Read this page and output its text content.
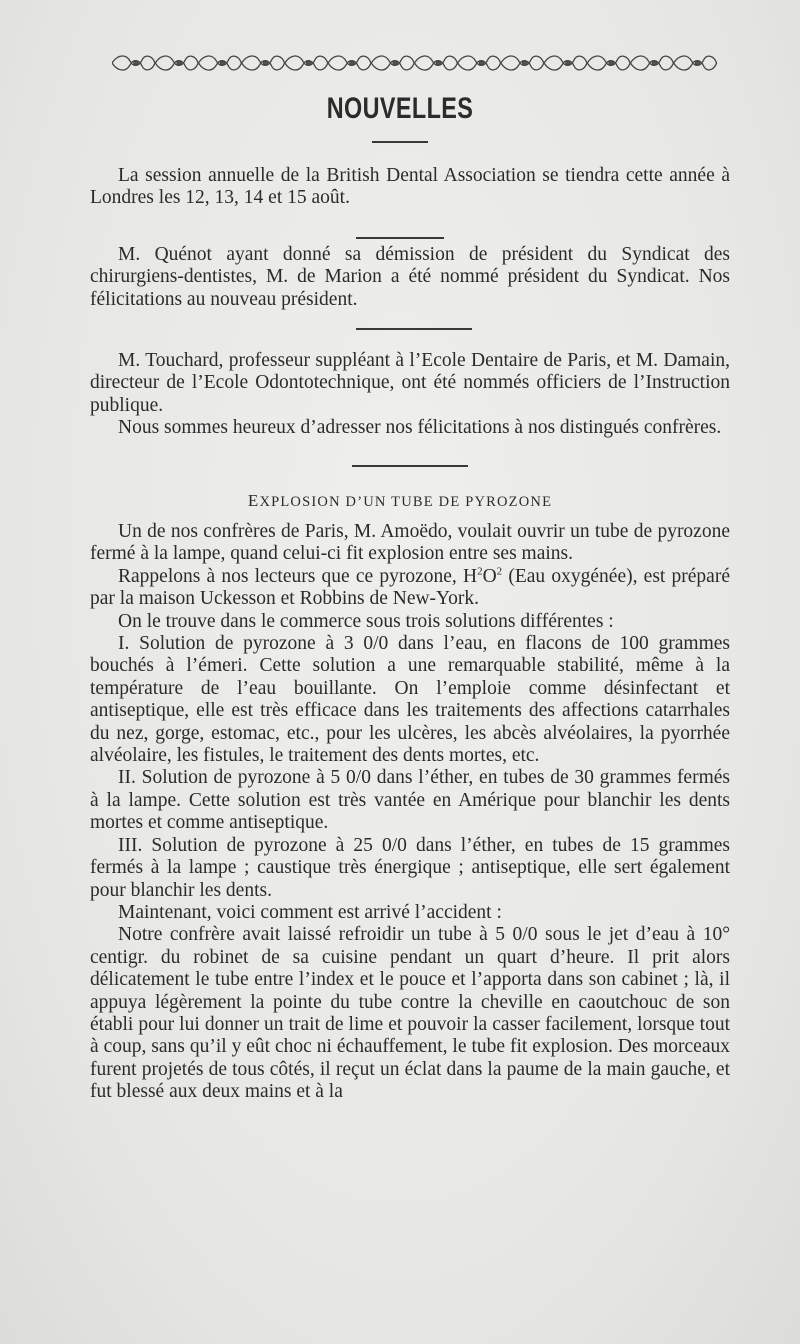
NOUVELLES

La session annuelle de la British Dental Association se tiendra cette année à Londres les 12, 13, 14 et 15 août.

M. Quénot ayant donné sa démission de président du Syndicat des chirurgiens-dentistes, M. de Marion a été nommé président du Syndicat. Nos félicitations au nouveau président.

M. Touchard, professeur suppléant à l’Ecole Dentaire de Paris, et M. Damain, directeur de l’Ecole Odontotechnique, ont été nommés officiers de l’Instruction publique.

Nous sommes heureux d’adresser nos félicitations à nos distingués confrères.

EXPLOSION D’UN TUBE DE PYROZONE

Un de nos confrères de Paris, M. Amoëdo, voulait ouvrir un tube de pyrozone fermé à la lampe, quand celui-ci fit explosion entre ses mains.

Rappelons à nos lecteurs que ce pyrozone, $H^2O^2$ (Eau oxygénée), est préparé par la maison Uckesson et Robbins de New-York.

On le trouve dans le commerce sous trois solutions différentes :

I. Solution de pyrozone à 3 0/0 dans l’eau, en flacons de 100 grammes bouchés à l’émeri. Cette solution a une remarquable stabilité, même à la température de l’eau bouillante. On l’emploie comme désinfectant et antiseptique, elle est très efficace dans les traitements des affections catarrhales du nez, gorge, estomac, etc., pour les ulcères, les abcès alvéolaires, la pyorrhée alvéolaire, les fistules, le traitement des dents mortes, etc.

II. Solution de pyrozone à 5 0/0 dans l’éther, en tubes de 30 grammes fermés à la lampe. Cette solution est très vantée en Amérique pour blanchir les dents mortes et comme antiseptique.

III. Solution de pyrozone à 25 0/0 dans l’éther, en tubes de 15 grammes fermés à la lampe ; caustique très énergique ; antiseptique, elle sert également pour blanchir les dents.

Maintenant, voici comment est arrivé l’accident :

Notre confrère avait laissé refroidir un tube à 5 0/0 sous le jet d’eau à 10° centigr. du robinet de sa cuisine pendant un quart d’heure. Il prit alors délicatement le tube entre l’index et le pouce et l’apporta dans son cabinet ; là, il appuya légèrement la pointe du tube contre la cheville en caoutchouc de son établi pour lui donner un trait de lime et pouvoir la casser facilement, lorsque tout à coup, sans qu’il y eût choc ni échauffement, le tube fit explosion. Des morceaux furent projetés de tous côtés, il reçut un éclat dans la paume de la main gauche, et fut blessé aux deux mains et à la
